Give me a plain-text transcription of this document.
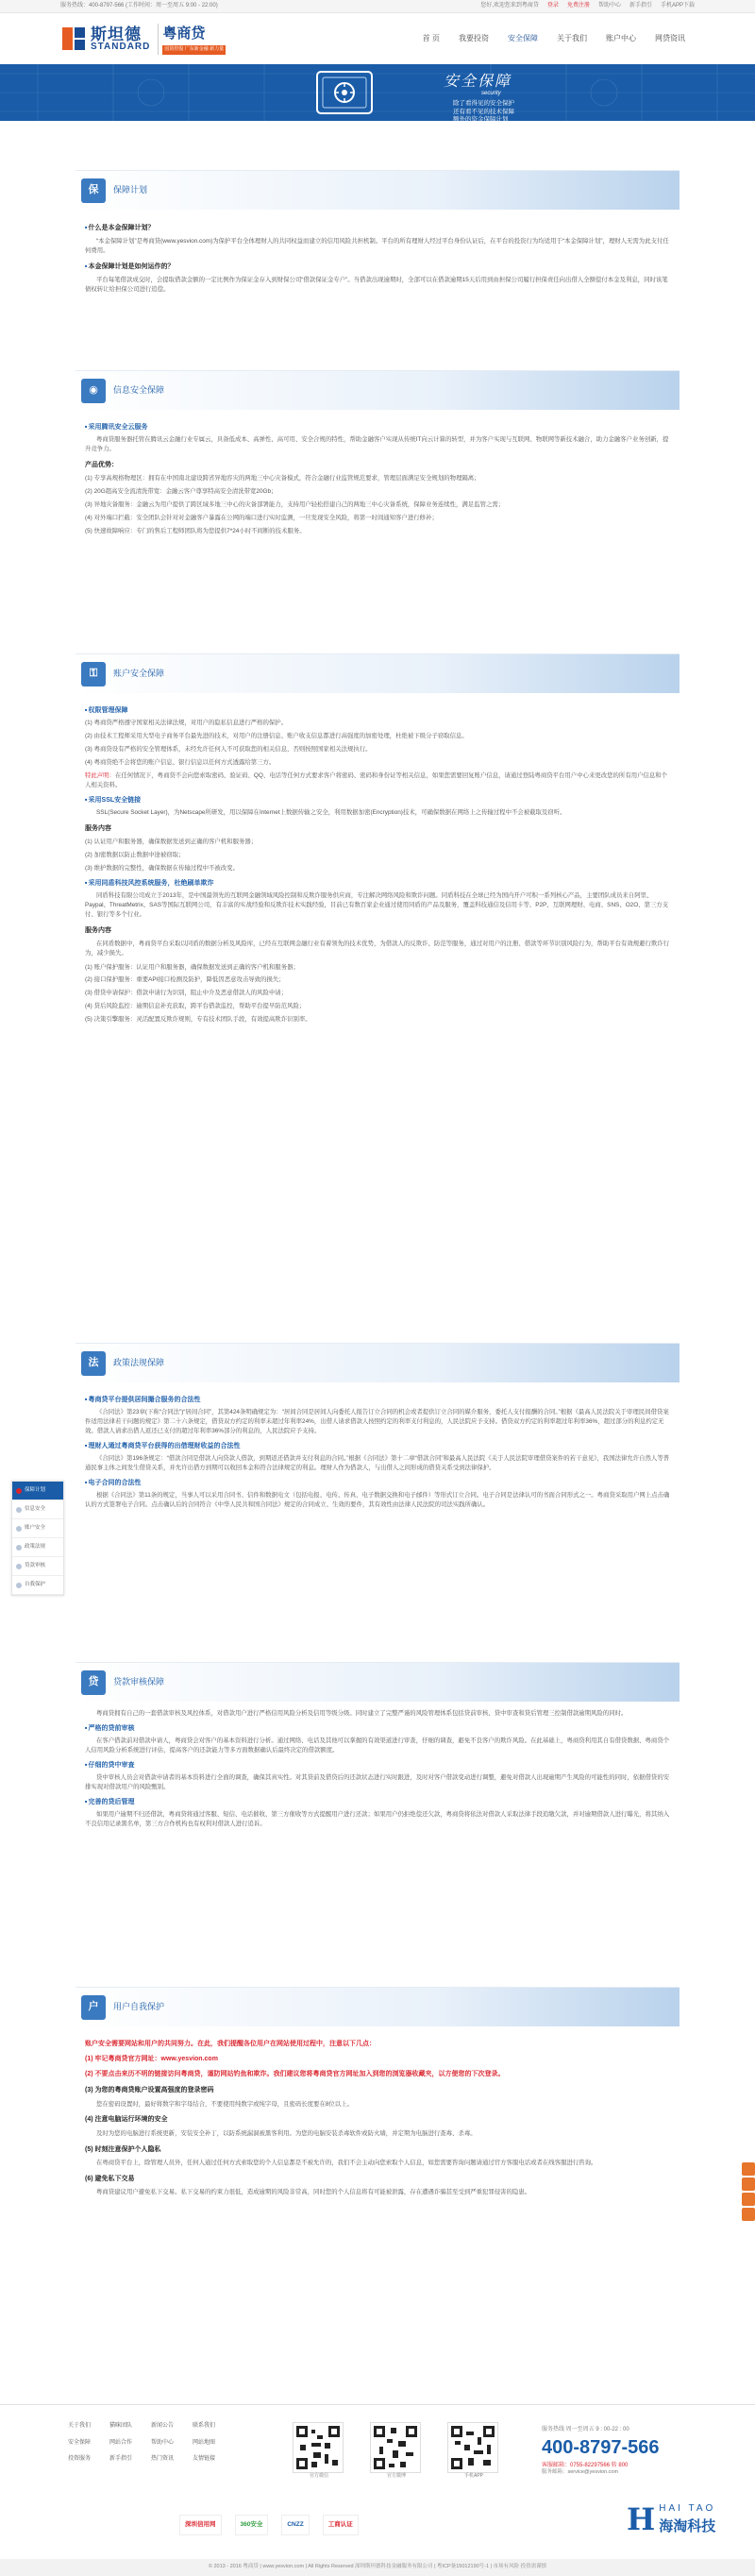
服务热线：400-8797-566 (工作时间：周一至周五 9:00 - 22:00)	您好,欢迎您来到粤商贷 登录 免费注册 帮助中心 新手指引 手机APP下载
斯坦德
STANDARD
粤商贷
国资控股 广东新金融 新力量
首 页	我要投资	安全保障	关于我们	账户中心	网贷资讯
安全保障
security
除了看得见的安全保护
还有看不见的技术保障
额外的资金保障计划
让您只需关心收益
保	保障计划
■ 什么是本金保障计划？
“本金保障计划”是粤商贷(www.yesvion.com)为保护平台全体理财人的共同权益而建立的信用风险共担机制。平台的所有理财人经过平台身份认证后，在平台的投资行为均适用于“本金保障计划”，理财人无需为此支付任何费用。
■ 本金保障计划是如何运作的？
平台每笔借款成交时，会提取借款金额的一定比例作为保证金存入到财保公司“借款保证金专户”。当借款出现逾期时，全部可以在借款逾期15天后用到由担保公司履行担保责任向出借人全额偿付本金及利息，同时该笔债权转让给担保公司进行追偿。
◉	信息安全保障
■ 采用腾讯安全云服务
粤商贷服务器托管在腾讯云金融行业专属云，具备低成本、高弹性、高可用、安全合规的特性，帮助金融客户实现从传统IT向云计算的转型，并为客户实现与互联网、物联网等新技术融合，助力金融客户业务创新，提升竞争力。
产品优势：
(1) 专享高规格物理区：拥有在中国南北建设跨省异地容灾的两地三中心灾备模式，符合金融行业监管规范要求，管理层面满足安全规划的物理隔离；
(2) 20G超高安全流清洗带宽：金融云客户尊享特高安全清洗带宽20Gb；
(3) 异地灾备服务：金融云为用户提供了跨区域多地三中心的灾备部署能力，支持用户轻松搭建自己的两地三中心灾备系统，保障业务连续性，满足监管之需；
(4) 对外端口拦截：安全团队会针对对金融客户暴露在公网的端口进行实时监测，一旦发现安全风险，将第一时间通知客户进行修补；
(5) 快速故障响应：专门的售后工程师团队将为您提供7*24小时不间断的技术服务。
⚿	账户安全保障
■ 权限管理保障
(1) 粤商贷严格遵守国家相关法律法规，对用户的隐私信息进行严格的保护。
(2) 由技术工程师采用大型电子商务平台最先进的技术，对用户的注册信息、账户收支信息都进行高强度的加密处理，杜绝被下级分子窃取信息。
(3) 粤商贷设有严格的安全管理体系，未经允许任何人不可获取您的相关信息，否则按照国家相关法规执行。
(4) 粤商贷绝不会将您的账户信息、银行信息以任何方式透露给第三方。
特此声明：在任何情况下，粤商贷不会向您索取密码、验证码、QQ、电话等任何方式要求客户将密码、密码和身份证等相关信息，如果您需要回复账户信息，请通过登陆粤商贷平台用户中心来更改您的所有用户信息和个人相关资料。
■ 采用SSL安全链接
SSL(Secure Socket Layer)，为Netscape所研发，用以保障在Internet上数据传输之安全，利用数据加密(Encryption)技术，可确保数据在网络上之传输过程中不会被截取及窃听。
服务内容
(1) 认证用户和服务器，确保数据发送到正确的客户机和服务器；
(2) 加密数据以防止数据中途被窃取；
(3) 维护数据的完整性，确保数据在传输过程中不被改变。
■ 采用同盾科技风控系统服务，杜绝刷单欺诈
同盾科技有限公司成立于2013年，是中国最领先的互联网金融领域风险控制和反欺诈服务供应商，专注解决网络风险和欺诈问题。同盾科技在全球已经为国内开户可积一系列核心产品，主要团队成员来自阿里、Paypal、ThreatMetrix、SAS等国际互联网公司，有丰富的实战经验和反欺诈技术实践经验，目前已有数百家企业通过使用同盾的产品及服务，覆盖科技通信及信用卡等、P2P、互联网理财、电商、SNS、O2O、第三方支付、银行等多个行业。
服务内容
在同盾数据中，粤商贷平台采取以同盾的数据分析及风险库，已经在互联网金融行业有着领先的技术优势，为借款人的反欺诈、防范等服务，通过对用户的注册、借款等环节识别风险行为，帮助平台有效规避行欺诈行为，减少损失。
(1) 账户保护服务：认证用户和服务器，确保数据发送到正确的客户机和服务器；
(2) 接口保护服务：重要API接口检测及防护，降低因恶意攻击导致的损失；
(3) 借贷申请保护：借款申请行为识别，阻止中介及恶意借款人的风险申请；
(4) 贷后风险监控：逾期信息补充获取，跨平台借款监控，帮助平台提早防范风险；
(5) 决策引擎服务：灵活配置反欺诈规则，专有技术团队手段，有效提高欺诈识别率。
法	政策法规保障
■ 粤商贷平台提供居间撮合服务的合法性
《合同法》第23章(下称“合同法”)“居间合同”，其第424条明确规定为：“居间合同是居间人向委托人报告订立合同的机会或者提供订立合同的媒介服务，委托人支付报酬的合同。”根据《最高人民法院关于审理民间借贷案件适用法律若干问题的规定》第二十六条规定，借贷双方约定的利率未超过年利率24%，出借人请求借款人按照约定的利率支付利息的，人民法院应予支持。借贷双方约定的利率超过年利率36%，超过部分的利息约定无效。借款人请求出借人返还已支付的超过年利率36%部分的利息的，人民法院应予支持。
■ 理财人通过粤商贷平台获得的出借理财收益的合法性
《合同法》第196条规定：“借款合同是借款人向贷款人借款，到期返还借款并支付利息的合同。”根据《合同法》第十二章“借款合同”和最高人民法院《关于人民法院审理借贷案件的若干意见》，我国法律允许自然人等普通民事主体之间发生借贷关系，并允许出借方到期可以收回本金和符合法律规定的利息。理财人作为借款人，与出借人之间形成的借贷关系受到法律保护。
■ 电子合同的合法性
根据《合同法》第11条的规定，当事人可以采用合同书、信件和数据电文（包括电报、电传、传真、电子数据交换和电子邮件）等形式订立合同。电子合同是法律认可的书面合同形式之一。粤商贷采取用户网上点击确认的方式签署电子合同。点击确认后的合同符合《中华人民共和国合同法》规定的合同成立、生效的要件，其有效性由法律人民法院的司法实践所确认。
贷	贷款审核保障
粤商贷拥有自己的一套借款审核及风控体系，对借款用户进行严格信用风险分析及信用等级分级。同时建立了完整严谨的风险管理体系包括贷前审核、贷中审查和贷后管理三控制借款逾期风险的同时。
■ 严格的贷前审核
在客户借款前对借款申请人，粤商贷会对客户的基本资料进行分析。通过网络、电话及其他可以掌握的有效渠道进行审查，仔细的调查，避免不良客户的欺诈风险。在此基础上，粤商贷利用其自有借贷数据、粤商贷个人信用风险分析系统进行评估，提高客户的还款能力等多方面数据确认后最终决定的借款额度。
■ 仔细的贷中审查
贷中审核人员会对借款申请者的基本资料进行全面的调查，确保其真实性。对其贷前及借贷后的还款状态进行实时跟进，及时对客户借款变动进行调整，避免对借款人出现逾期产生风险的可能性的同时，依据借贷的安排实现对借款用户的风险甄别。
■ 完善的贷后管理
如果用户逾期不归还借款，粤商贷将通过客服、短信、电话催收、第三方催收等方式提醒用户进行还款；如果用户仍拒绝偿还欠款，粤商贷将依法对借款人采取法律手段追缴欠款，并对逾期借款人进行曝光，将其纳入不良信用记录黑名单，第三方合作机构也有权利对借款人进行追诉。
户	用户自我保护
账户安全需要网站和用户的共同努力。在此，我们提醒各位用户在网站使用过程中，注意以下几点：
(1) 牢记粤商贷官方网址：www.yesvion.com
(2) 不要点击来历不明的链接访问粤商贷，谨防网站钓鱼和欺诈。我们建议您将粤商贷官方网址加入到您的浏览器收藏夹，以方便您的下次登录。
(3) 为您的粤商贷账户设置高强度的登录密码
您在密码设置时，最好将数字和字母结合，不要使用纯数字或纯字母，且密码长度要在8位以上。
(4) 注意电脑运行环境的安全
及时为您的电脑进行系统更新，安装安全补丁，以防系统漏洞被黑客利用。为您的电脑安装杀毒软件或防火墙，并定期为电脑进行查毒、杀毒。
(5) 时刻注意保护个人隐私
在粤商贷平台上，除管理人员外，任何人通过任何方式索取您的个人信息都是不被允许的，我们不会主动向您索取个人信息，如您需要咨询问题请通过官方客服电话或者在线客服进行咨询。
(6) 避免私下交易
粤商贷建议用户避免私下交易。私下交易的约束力很低，造成逾期的风险非常高，同时您的个人信息将有可能被泄露，存在遭遇诈骗甚至受到严重犯罪侵害的隐患。
保障计划
信息安全
账户安全
政策法规
贷款审核
自我保护
关于我们	猫咪团队	新闻公告	联系我们
安全保障	网站合作	帮助中心	网站地图
投资服务	新手指引	热门资讯	友情链接
官方微信	官方微博	手机APP
服务热线 周一至周五 9 : 00-22 : 00
400-8797-566
客服邮箱：0755-82297566 转 800
服务邮箱：service@yesvion.com
深圳信用网	360安全	CNZZ	工商认证	H HAI TAO
海淘科技
© 2013 - 2016 粤商贷 | www.yesvion.com | All Rights Reserved 深圳斯坦德科技金融服务有限公司 | 粤ICP备15012190号-1 | 市场有风险 投资需谨慎
